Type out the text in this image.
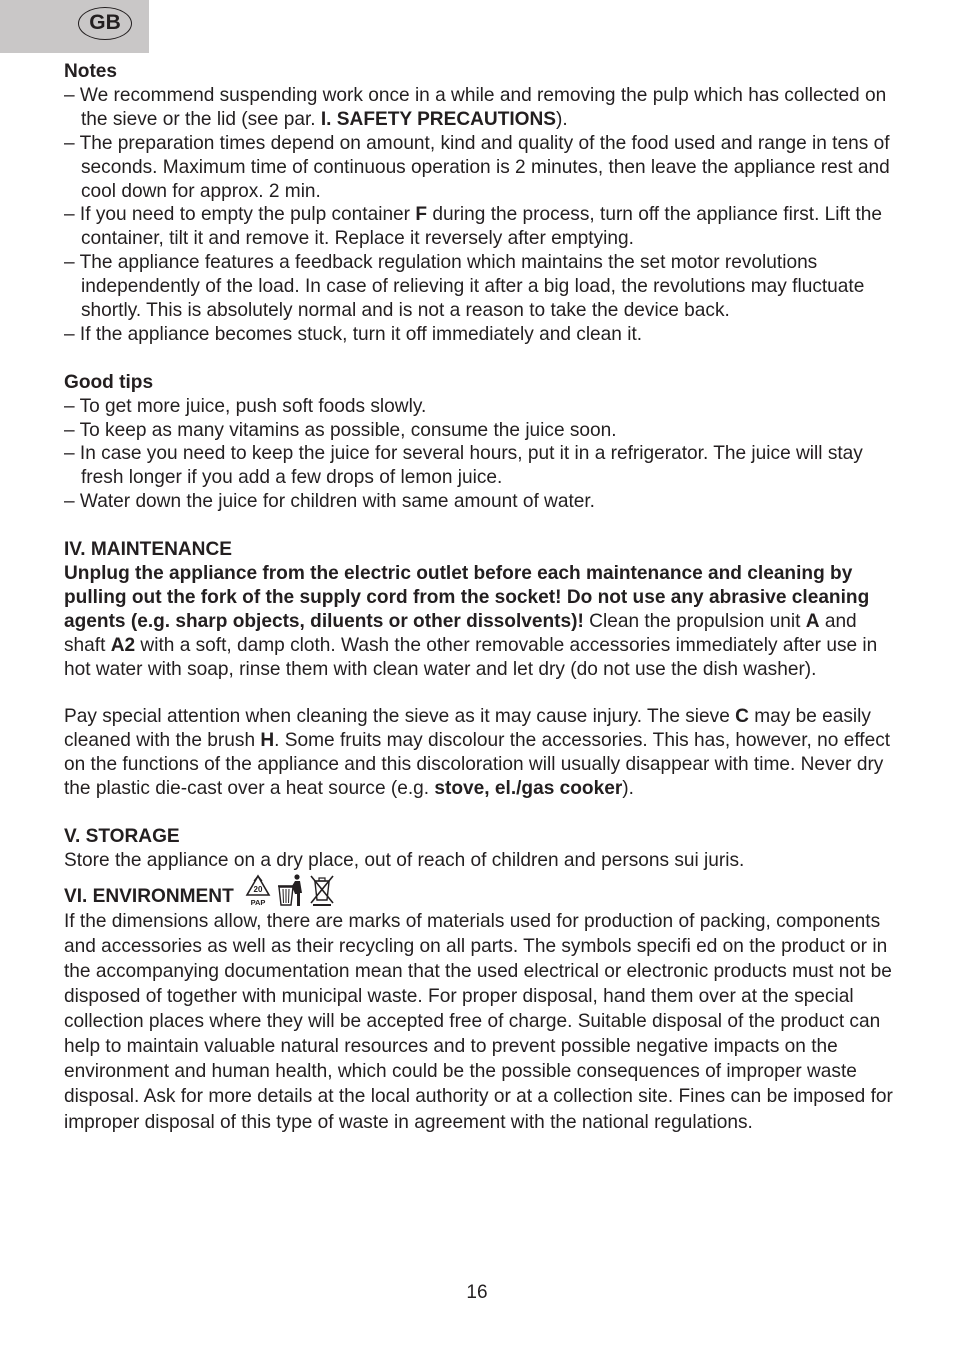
GB

Notes

– We recommend suspending work once in a while and removing the pulp which has collected on the sieve or the lid (see par. I. SAFETY PRECAUTIONS).

– The preparation times depend on amount, kind and quality of the food used and range in tens of seconds. Maximum time of continuous operation is 2 minutes, then leave the appliance rest and cool down for approx. 2 min.

– If you need to empty the pulp container F during the process, turn off the appliance first. Lift the container, tilt it and remove it. Replace it reversely after emptying.

– The appliance features a feedback regulation which maintains the set motor revolutions independently of the load. In case of relieving it after a big load, the revolutions may fluctuate shortly. This is absolutely normal and is not a reason to take the device back.

– If the appliance becomes stuck, turn it off immediately and clean it.

Good tips

– To get more juice, push soft foods slowly.

– To keep as many vitamins as possible, consume the juice soon.

– In case you need to keep the juice for several hours, put it in a refrigerator. The juice will stay fresh longer if you add a few drops of lemon juice.

– Water down the juice for children with same amount of water.

IV. MAINTENANCE

Unplug the appliance from the electric outlet before each maintenance and cleaning by pulling out the fork of the supply cord from the socket! Do not use any abrasive cleaning agents (e.g. sharp objects, diluents or other dissolvents)! Clean the propulsion unit A and shaft A2 with a soft, damp cloth. Wash the other removable accessories immediately after use in hot water with soap, rinse them with clean water and let dry (do not use the dish washer).

Pay special attention when cleaning the sieve as it may cause injury. The sieve C may be easily cleaned with the brush H. Some fruits may discolour the accessories. This has, however, no effect on the functions of the appliance and this discoloration will usually disappear with time. Never dry the plastic die-cast over a heat source (e.g. stove, el./gas cooker).

V. STORAGE

Store the appliance on a dry place, out of reach of children and persons sui juris.

VI. ENVIRONMENT 20
PAP

If the dimensions allow, there are marks of materials used for production of packing, components and accessories as well as their recycling on all parts. The symbols specifi ed on the product or in the accompanying documentation mean that the used electrical or electronic products must not be disposed of together with municipal waste. For proper disposal, hand them over at the special collection places where they will be accepted free of charge. Suitable disposal of the product can help to maintain valuable natural resources and to prevent possible negative impacts on the environment and human health, which could be the possible consequences of improper waste disposal. Ask for more details at the local authority or at a collection site. Fines can be imposed for improper disposal of this type of waste in agreement with the national regulations.

16
